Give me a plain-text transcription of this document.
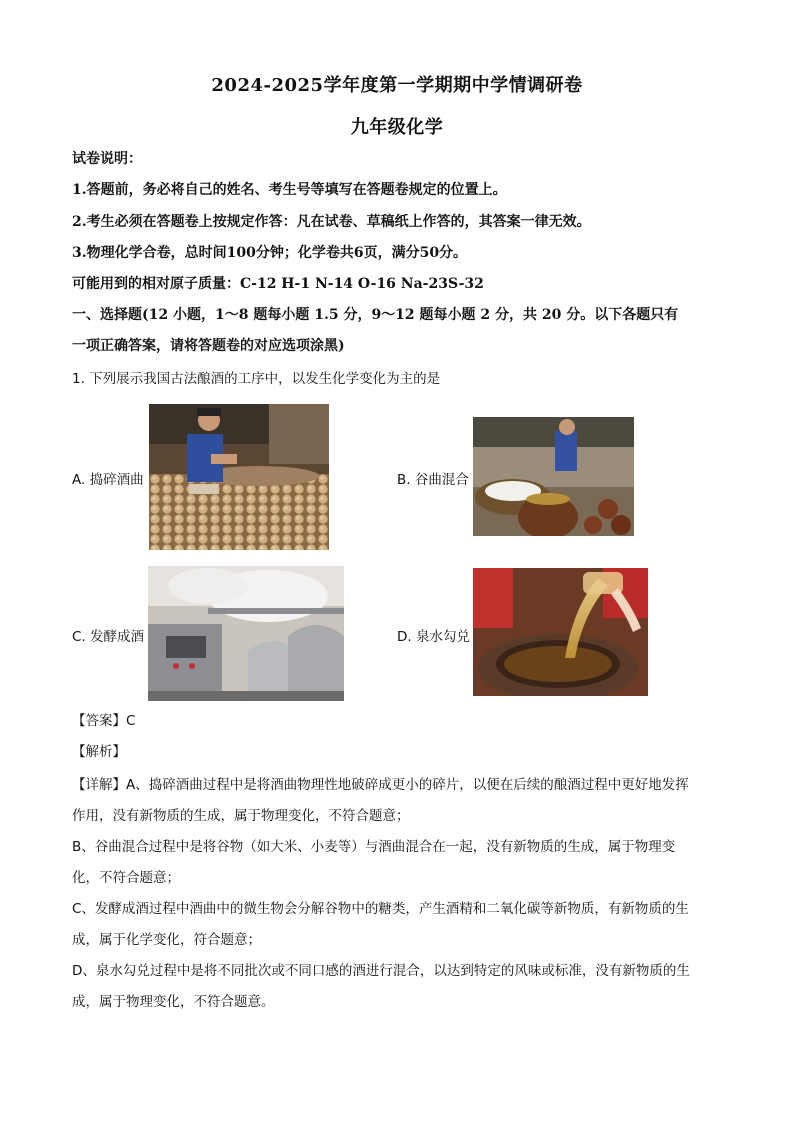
2024-2025学年度第一学期期中学情调研卷
九年级化学
试卷说明：
1.答题前，务必将自己的姓名、考生号等填写在答题卷规定的位置上。
2.考生必须在答题卷上按规定作答：凡在试卷、草稿纸上作答的，其答案一律无效。
3.物理化学合卷，总时间100分钟；化学卷共6页，满分50分。
可能用到的相对原子质量：C-12 H-1 N-14 O-16 Na-23S-32
一、选择题(12 小题，1～8 题每小题 1.5 分，9～12 题每小题 2 分，共 20 分。以下各题只有
一项正确答案，请将答题卷的对应选项涂黑)
1. 下列展示我国古法酿酒的工序中，以发生化学变化为主的是
A. 捣碎酒曲	B. 谷曲混合
C. 发酵成酒	D. 泉水勾兑
【答案】C
【解析】
【详解】A、捣碎酒曲过程中是将酒曲物理性地破碎成更小的碎片，以便在后续的酿酒过程中更好地发挥
作用，没有新物质的生成，属于物理变化，不符合题意；
B、谷曲混合过程中是将谷物（如大米、小麦等）与酒曲混合在一起，没有新物质的生成，属于物理变
化，不符合题意；
C、发酵成酒过程中酒曲中的微生物会分解谷物中的糖类，产生酒精和二氧化碳等新物质，有新物质的生
成，属于化学变化，符合题意；
D、泉水勾兑过程中是将不同批次或不同口感的酒进行混合，以达到特定的风味或标准，没有新物质的生
成，属于物理变化，不符合题意。
